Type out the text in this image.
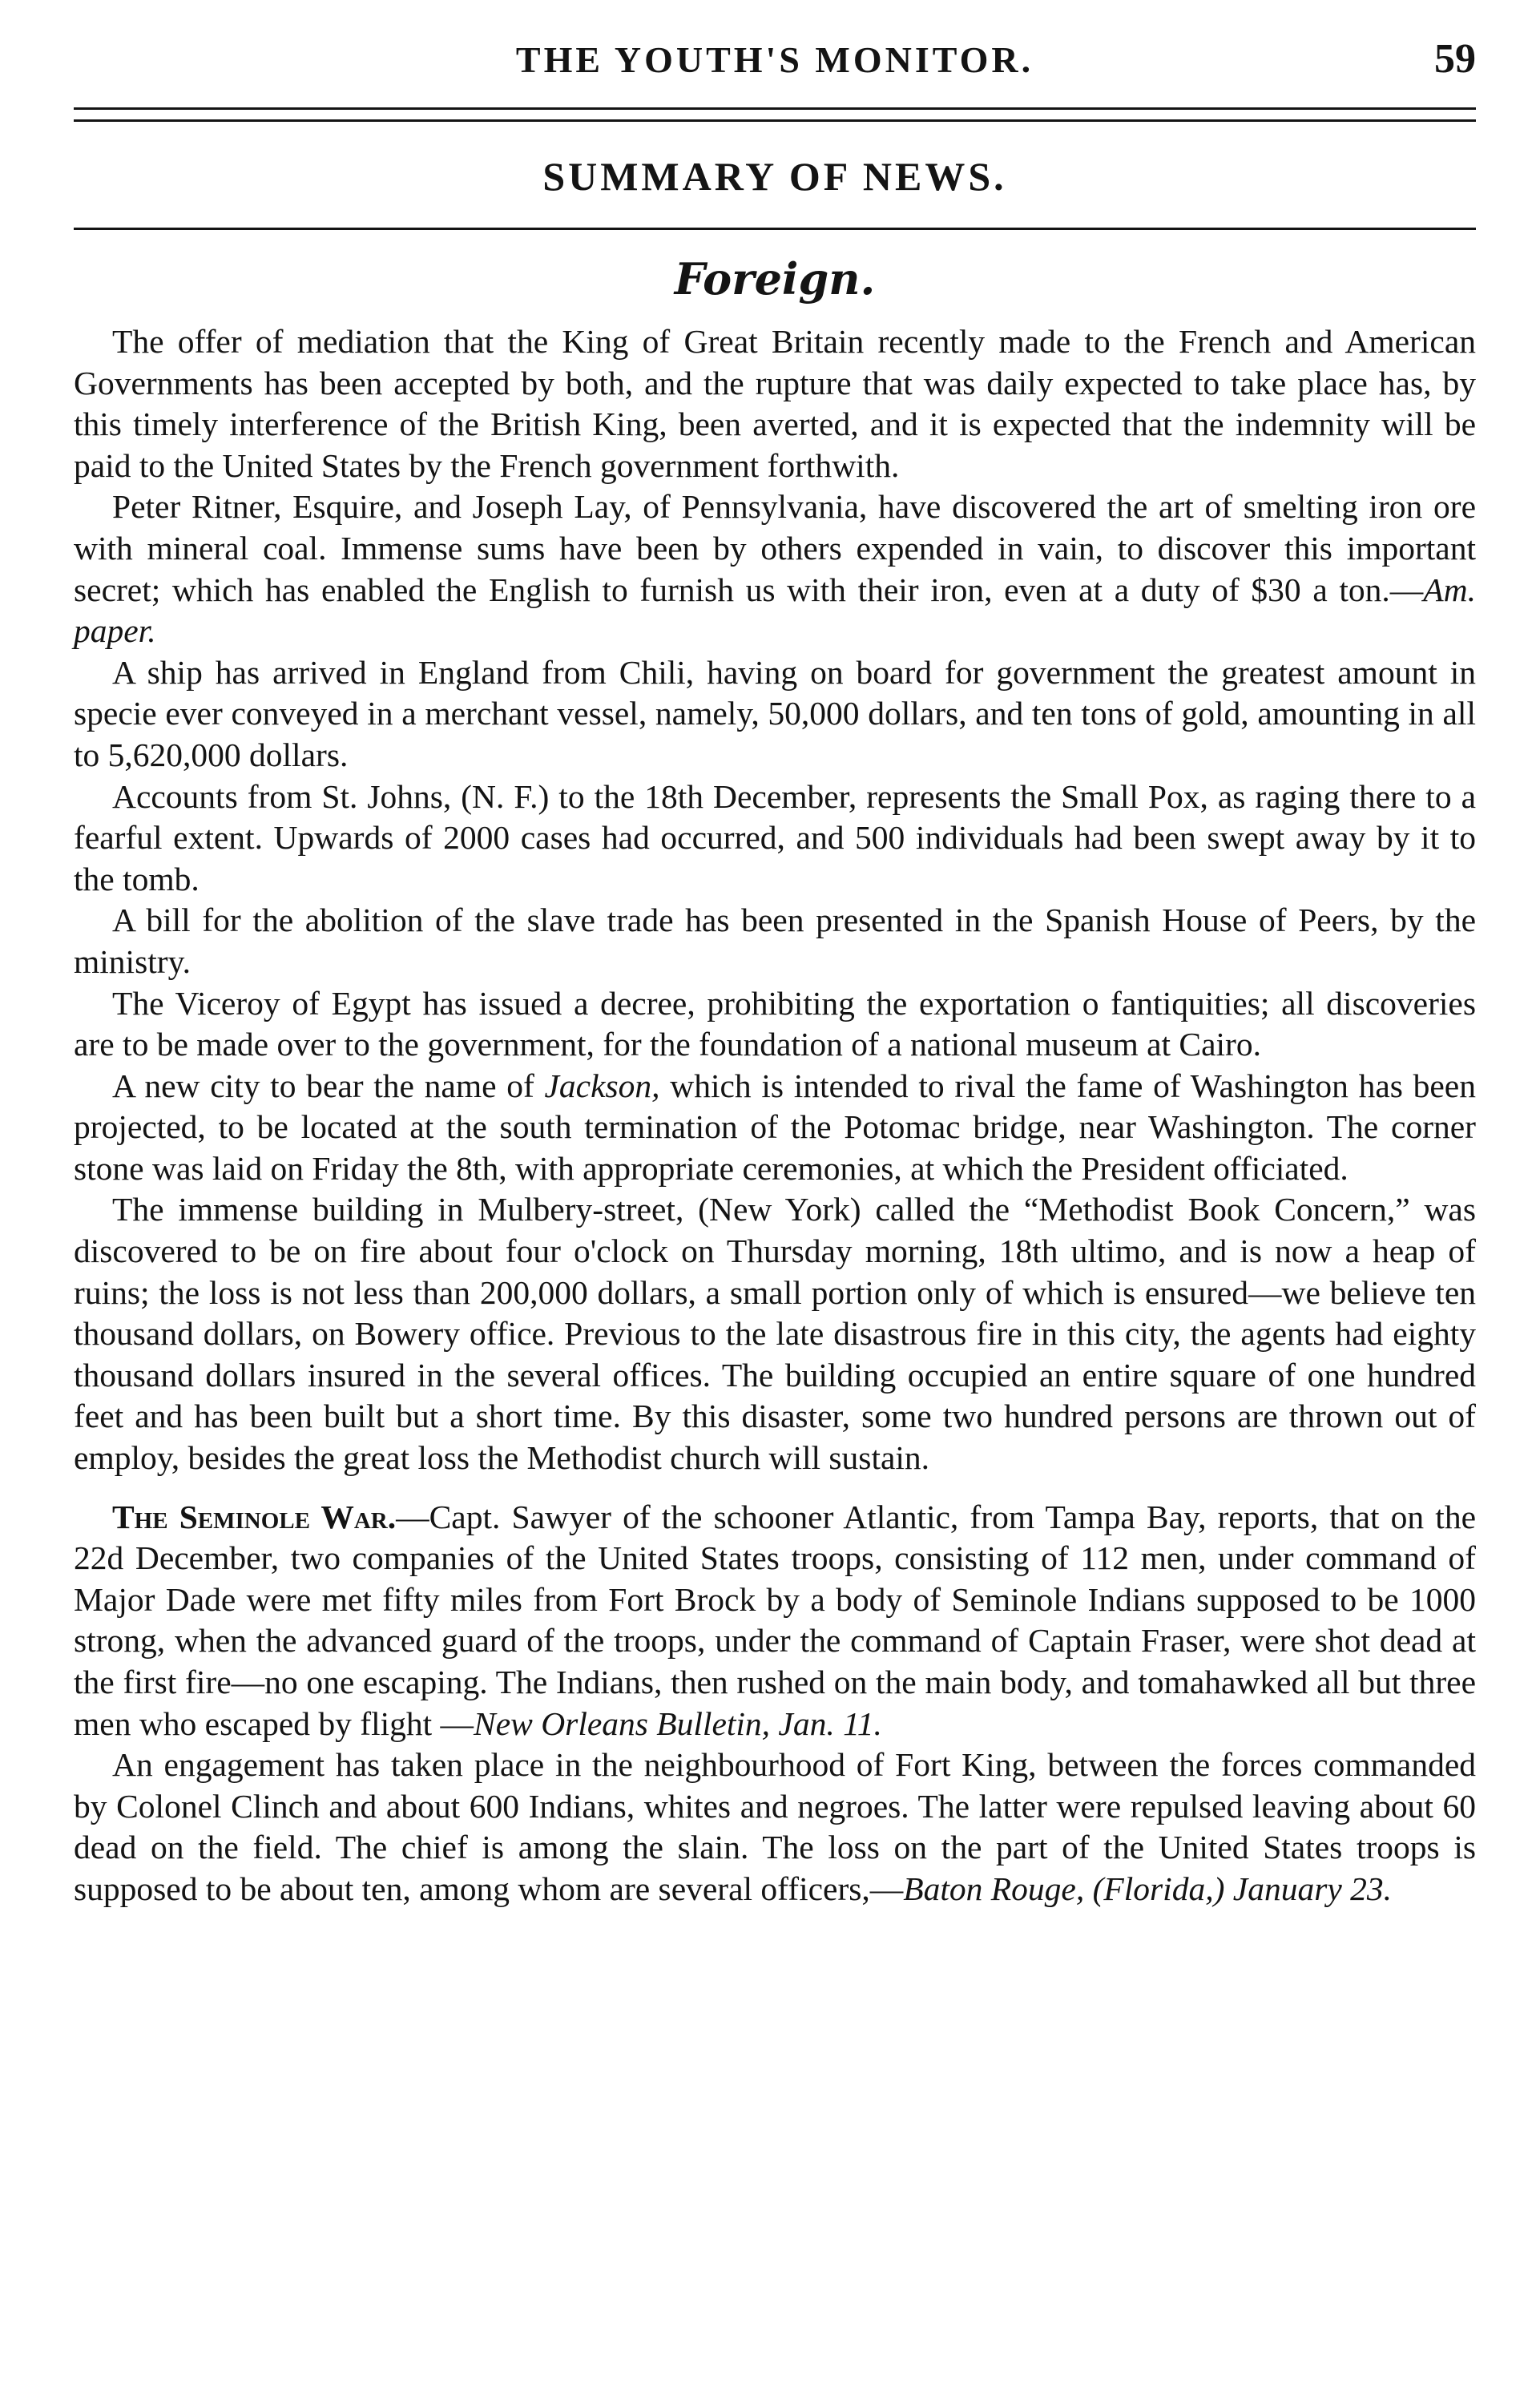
THE YOUTH'S MONITOR.	59
SUMMARY OF NEWS.
Foreign.

The offer of mediation that the King of Great Britain recently made to the French and American Governments has been accepted by both, and the rupture that was daily expected to take place has, by this timely interference of the British King, been averted, and it is expected that the indemnity will be paid to the United States by the French government forthwith.

Peter Ritner, Esquire, and Joseph Lay, of Pennsylvania, have discovered the art of smelting iron ore with mineral coal. Immense sums have been by others expended in vain, to discover this important secret; which has enabled the English to furnish us with their iron, even at a duty of $30 a ton.—Am. paper.

A ship has arrived in England from Chili, having on board for government the greatest amount in specie ever conveyed in a merchant vessel, namely, 50,000 dollars, and ten tons of gold, amounting in all to 5,620,000 dollars.

Accounts from St. Johns, (N. F.) to the 18th December, represents the Small Pox, as raging there to a fearful extent. Upwards of 2000 cases had occurred, and 500 individuals had been swept away by it to the tomb.

A bill for the abolition of the slave trade has been presented in the Spanish House of Peers, by the ministry.

The Viceroy of Egypt has issued a decree, prohibiting the exportation o fantiquities; all discoveries are to be made over to the government, for the foundation of a national museum at Cairo.

A new city to bear the name of Jackson, which is intended to rival the fame of Washington has been projected, to be located at the south termination of the Potomac bridge, near Washington. The corner stone was laid on Friday the 8th, with appropriate ceremonies, at which the President officiated.

The immense building in Mulbery-street, (New York) called the “Methodist Book Concern,” was discovered to be on fire about four o'clock on Thursday morning, 18th ultimo, and is now a heap of ruins; the loss is not less than 200,000 dollars, a small portion only of which is ensured—we believe ten thousand dollars, on Bowery office. Previous to the late disastrous fire in this city, the agents had eighty thousand dollars insured in the several offices. The building occupied an entire square of one hundred feet and has been built but a short time. By this disaster, some two hundred persons are thrown out of employ, besides the great loss the Methodist church will sustain.

The Seminole War.—Capt. Sawyer of the schooner Atlantic, from Tampa Bay, reports, that on the 22d December, two companies of the United States troops, consisting of 112 men, under command of Major Dade were met fifty miles from Fort Brock by a body of Seminole Indians supposed to be 1000 strong, when the advanced guard of the troops, under the command of Captain Fraser, were shot dead at the first fire—no one escaping. The Indians, then rushed on the main body, and tomahawked all but three men who escaped by flight —New Orleans Bulletin, Jan. 11.

An engagement has taken place in the neighbourhood of Fort King, between the forces commanded by Colonel Clinch and about 600 Indians, whites and negroes. The latter were repulsed leaving about 60 dead on the field. The chief is among the slain. The loss on the part of the United States troops is supposed to be about ten, among whom are several officers,—Baton Rouge, (Florida,) January 23.
